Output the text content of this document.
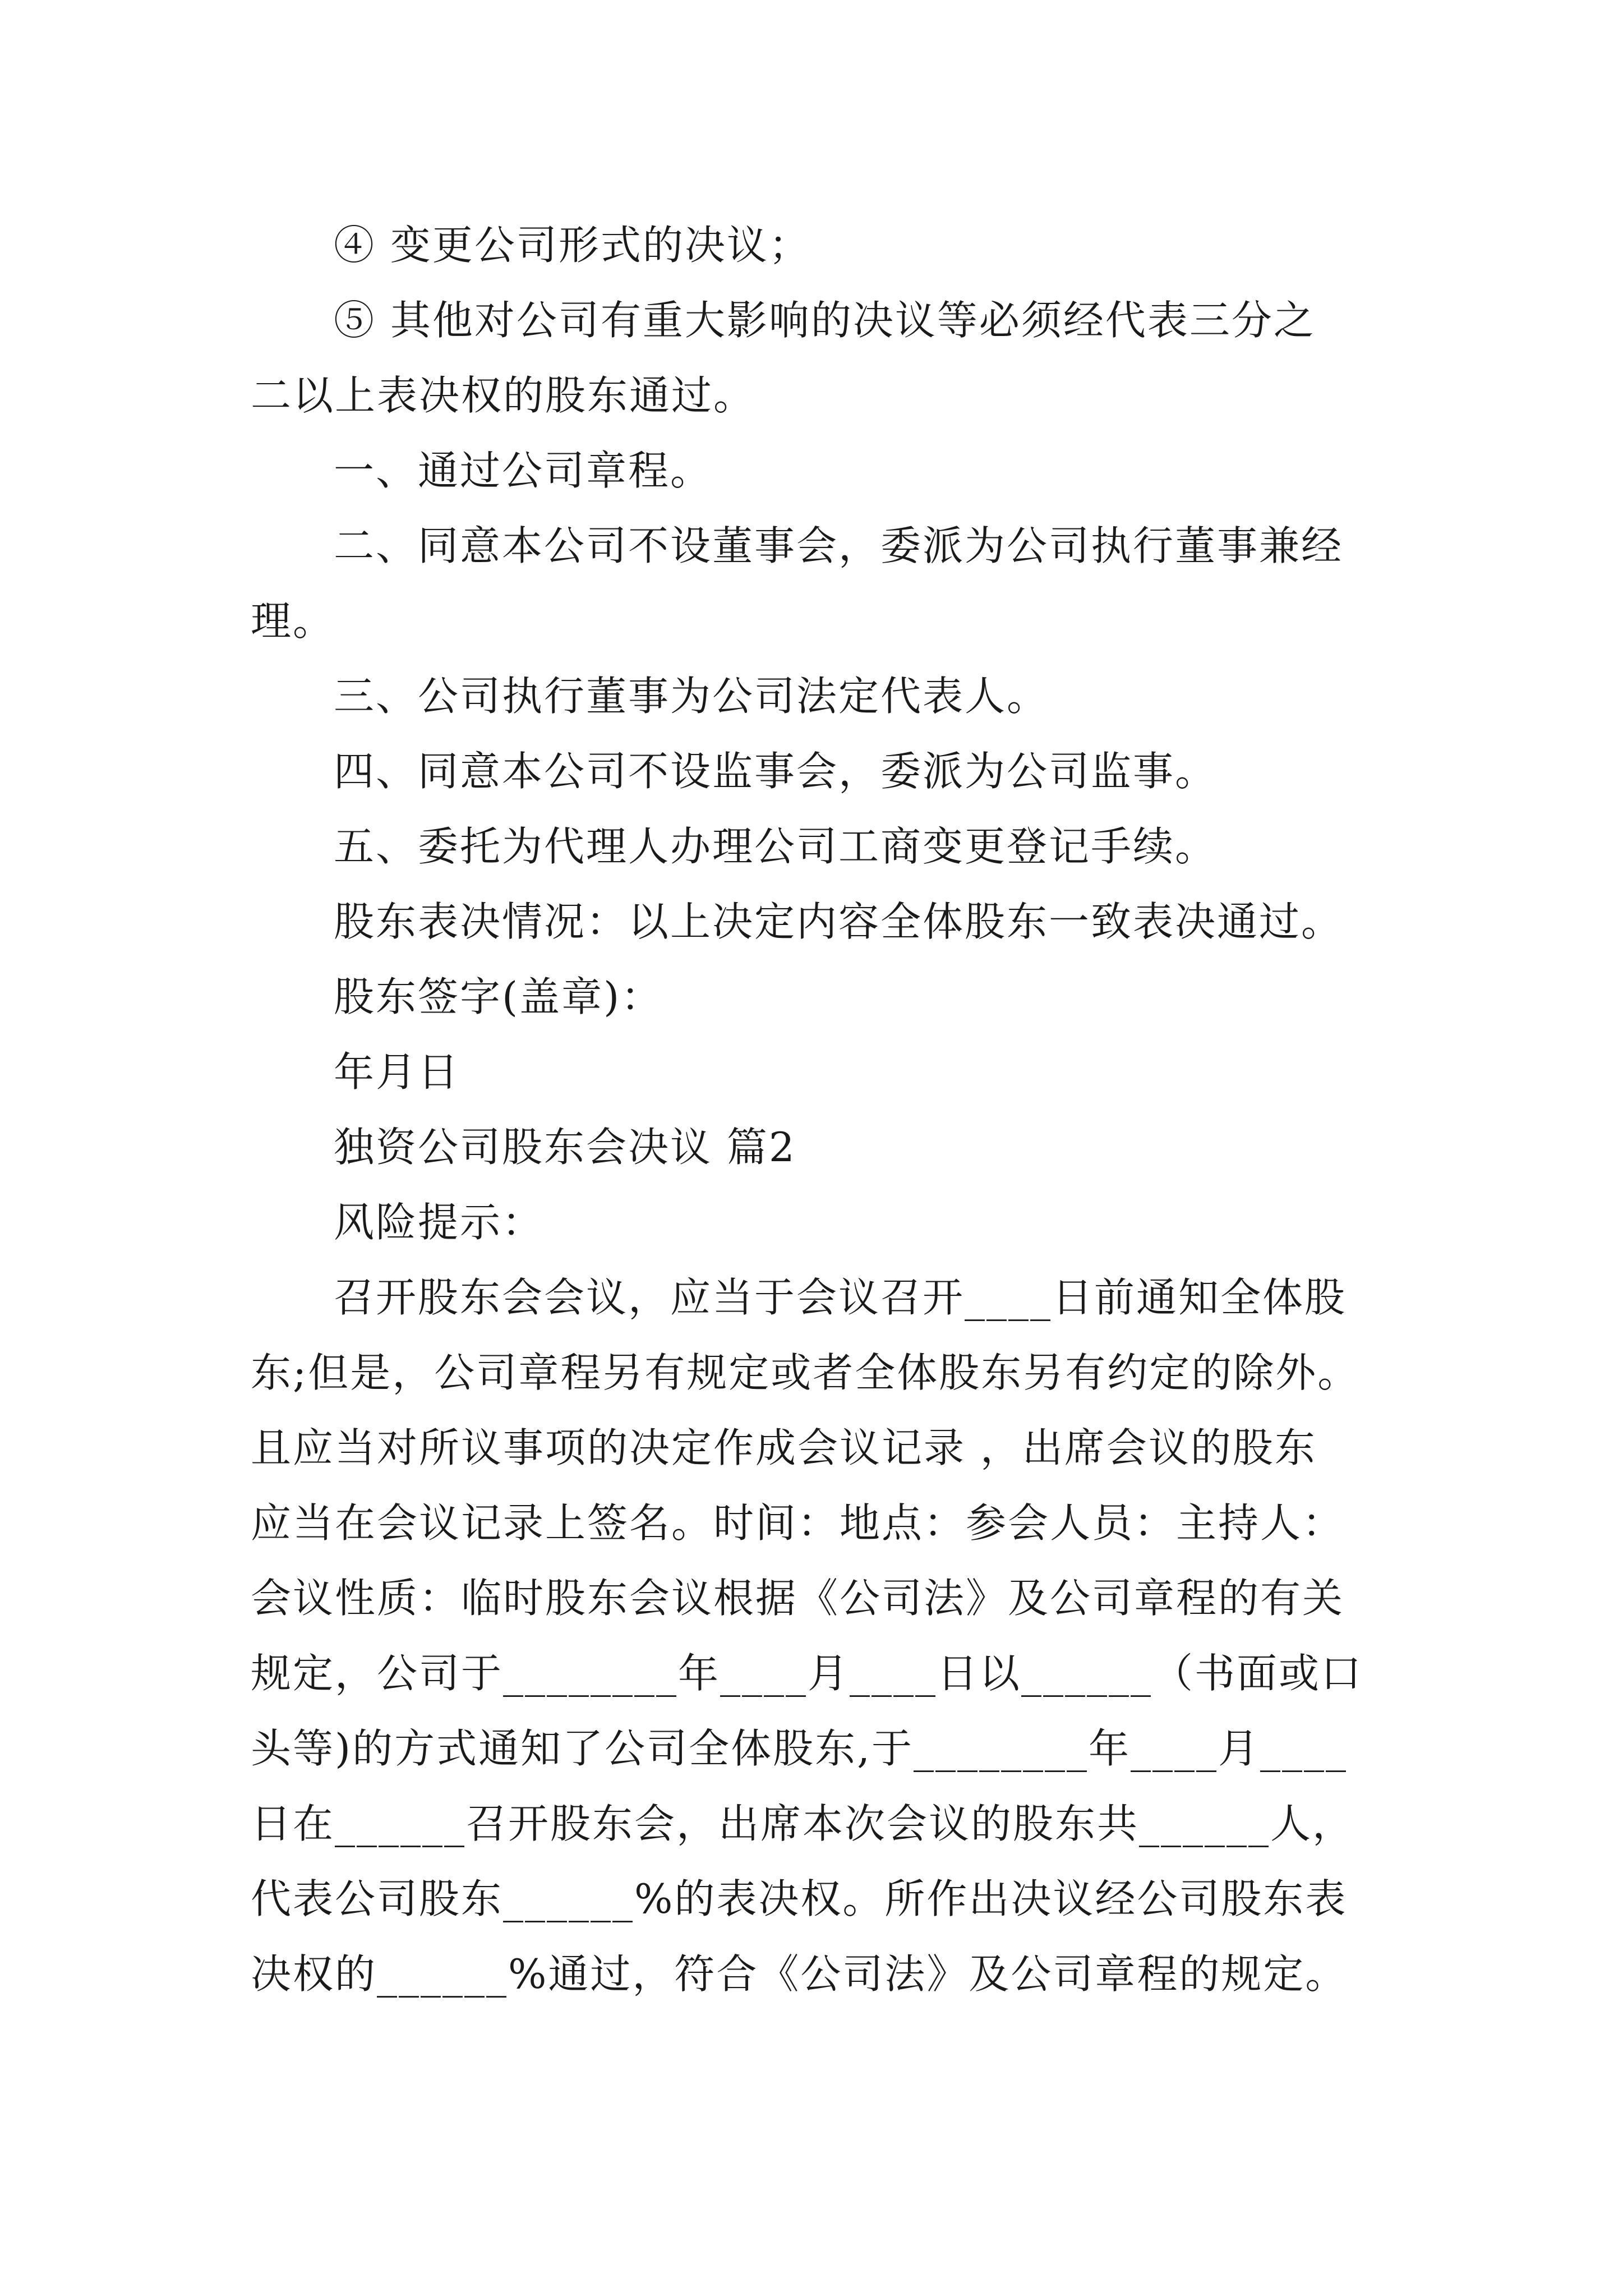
④ 变更公司形式的决议；
⑤ 其他对公司有重大影响的决议等必须经代表三分之
二以上表决权的股东通过。
一、通过公司章程。
二、同意本公司不设董事会，委派为公司执行董事兼经
理。
三、公司执行董事为公司法定代表人。
四、同意本公司不设监事会，委派为公司监事。
五、委托为代理人办理公司工商变更登记手续。
股东表决情况：以上决定内容全体股东一致表决通过。
股东签字(盖章)：
年月日
独资公司股东会决议 篇2
风险提示：
召开股东会会议，应当于会议召开____日前通知全体股
东;但是，公司章程另有规定或者全体股东另有约定的除外。
且应当对所议事项的决定作成会议记录 ，出席会议的股东
应当在会议记录上签名。时间：地点：参会人员：主持人：
会议性质：临时股东会议根据《公司法》及公司章程的有关
规定，公司于________年____月____日以______（书面或口
头等)的方式通知了公司全体股东,于________年____月____
日在______召开股东会，出席本次会议的股东共______人，
代表公司股东______%的表决权。所作出决议经公司股东表
决权的______%通过，符合《公司法》及公司章程的规定。
